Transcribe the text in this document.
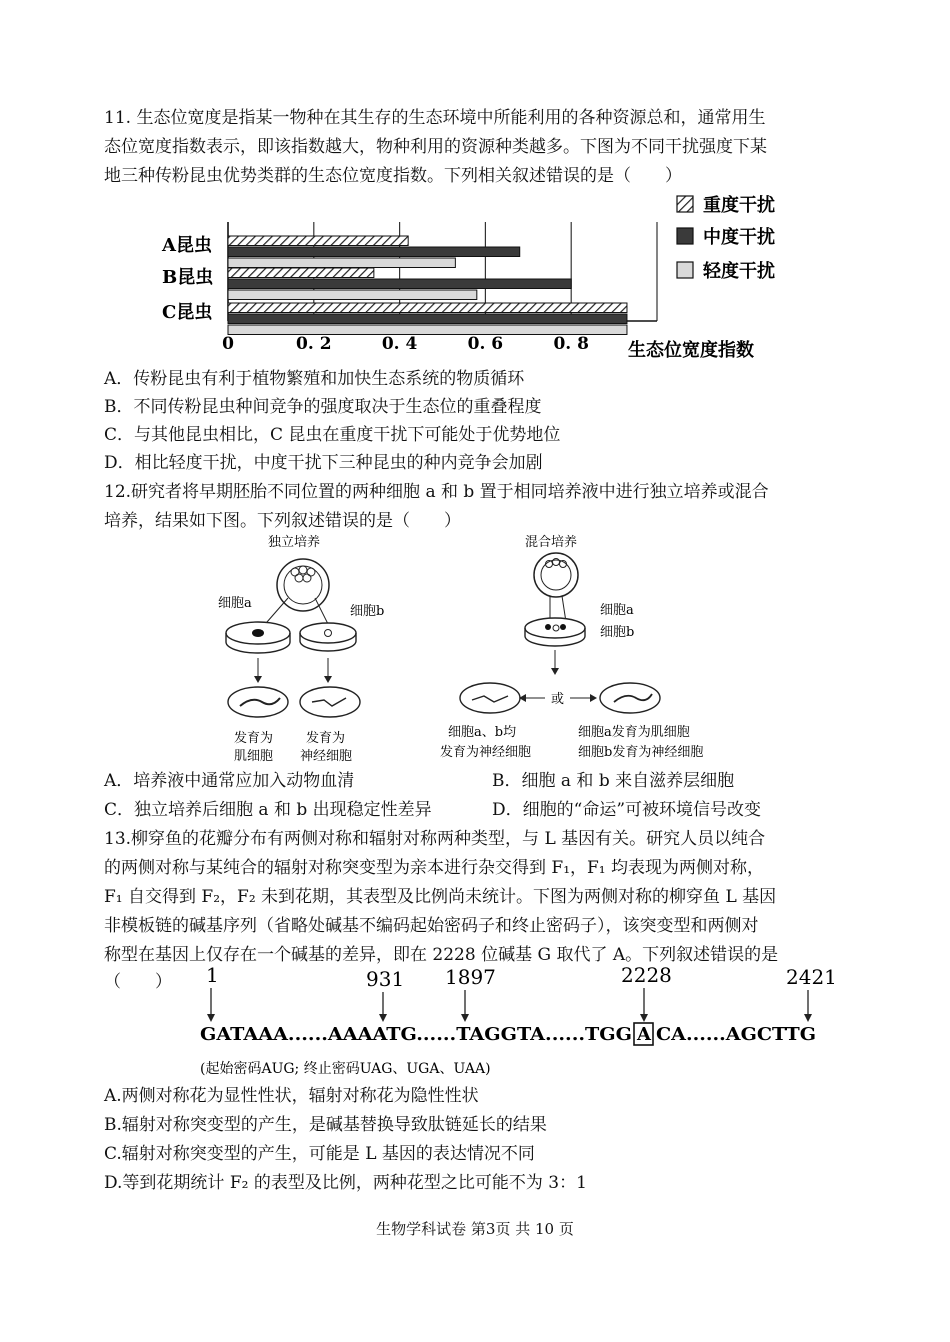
11. 生态位宽度是指某一物种在其生存的生态环境中所能利用的各种资源总和，通常用生
态位宽度指数表示，即该指数越大，物种利用的资源种类越多。下图为不同干扰强度下某
地三种传粉昆虫优势类群的生态位宽度指数。下列相关叙述错误的是（　　）
A昆虫
B昆虫
C昆虫
0	0. 2	0. 4	0. 6	0. 8 生态位宽度指数
重度干扰
中度干扰
轻度干扰
A．传粉昆虫有利于植物繁殖和加快生态系统的物质循环
B．不同传粉昆虫种间竞争的强度取决于生态位的重叠程度
C．与其他昆虫相比，C 昆虫在重度干扰下可能处于优势地位
D．相比轻度干扰，中度干扰下三种昆虫的种内竞争会加剧
12.研究者将早期胚胎不同位置的两种细胞 a 和 b 置于相同培养液中进行独立培养或混合
培养，结果如下图。下列叙述错误的是（　　）
独立培养
细胞a
细胞b
发育为
肌细胞
发育为
神经细胞
混合培养
细胞a
细胞b
或
细胞a、b均
发育为神经细胞
细胞a发育为肌细胞
细胞b发育为神经细胞
A．培养液中通常应加入动物血清	B．细胞 a 和 b 来自滋养层细胞
C．独立培养后细胞 a 和 b 出现稳定性差异	D．细胞的“命运”可被环境信号改变
13.柳穿鱼的花瓣分布有两侧对称和辐射对称两种类型，与 L 基因有关。研究人员以纯合
的两侧对称与某纯合的辐射对称突变型为亲本进行杂交得到 F₁，F₁ 均表现为两侧对称，
F₁ 自交得到 F₂，F₂ 未到花期，其表型及比例尚未统计。下图为两侧对称的柳穿鱼 L 基因
非模板链的碱基序列（省略处碱基不编码起始密码子和终止密码子），该突变型和两侧对
称型在基因上仅存在一个碱基的差异，即在 2228 位碱基 G 取代了 A。下列叙述错误的是
（　　） 1	931 1897	2228	2421
GATAAA......AAAATG......TAGGTA......TGG A CA......AGCTTG
(起始密码AUG; 终止密码UAG、UGA、UAA)
A.两侧对称花为显性性状，辐射对称花为隐性性状
B.辐射对称突变型的产生，是碱基替换导致肽链延长的结果
C.辐射对称突变型的产生，可能是 L 基因的表达情况不同
D.等到花期统计 F₂ 的表型及比例，两种花型之比可能不为 3：1
生物学科试卷 第3页 共 10 页
